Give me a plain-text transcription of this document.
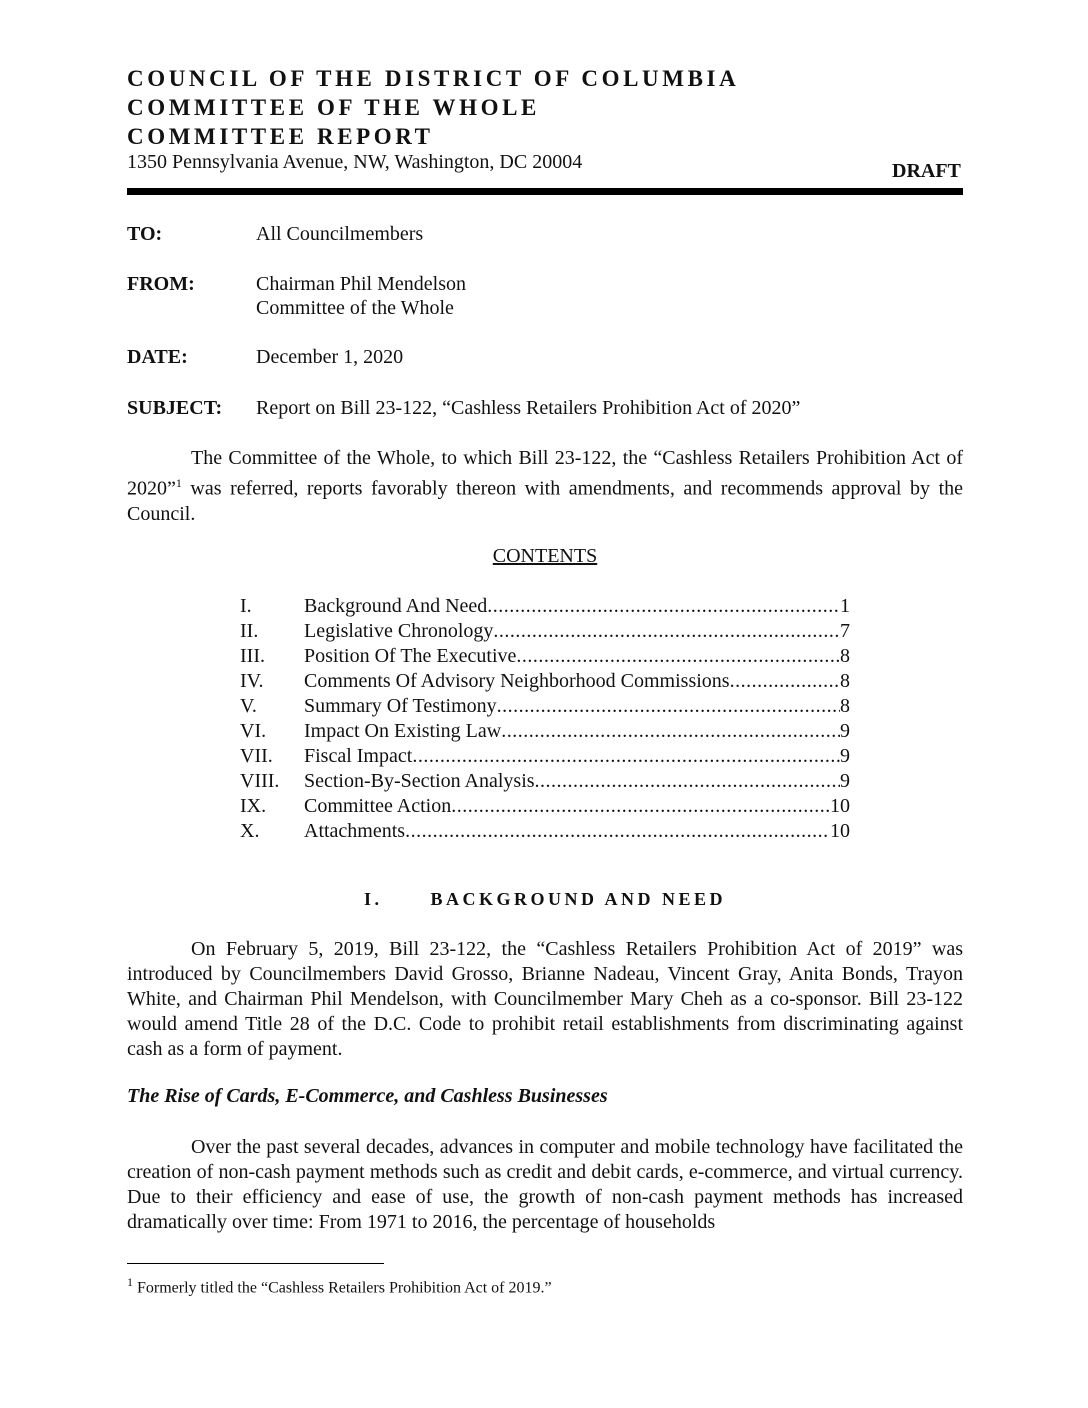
COUNCIL OF THE DISTRICT OF COLUMBIA
COMMITTEE OF THE WHOLE
COMMITTEE REPORT
1350 Pennsylvania Avenue, NW, Washington, DC 20004	DRAFT
TO:	All Councilmembers
FROM:	Chairman Phil Mendelson
Committee of the Whole
DATE:	December 1, 2020
SUBJECT: Report on Bill 23-122, “Cashless Retailers Prohibition Act of 2020”

The Committee of the Whole, to which Bill 23-122, the “Cashless Retailers Prohibition Act of 2020”$^1$ was referred, reports favorably thereon with amendments, and recommends approval by the Council.

CONTENTS
I.	Background And Need .....	1
II. Legislative Chronology .....	7
III. Position Of The Executive .....	8
IV. Comments Of Advisory Neighborhood Commissions .....	8
V. Summary Of Testimony .....	8
VI. Impact On Existing Law .....	9
VII. Fiscal Impact .....	9
VIII. Section-By-Section Analysis .....	9
IX. Committee Action .....	10
X. Attachments .....	10
I.      BACKGROUND AND NEED

On February 5, 2019, Bill 23-122, the “Cashless Retailers Prohibition Act of 2019” was introduced by Councilmembers David Grosso, Brianne Nadeau, Vincent Gray, Anita Bonds, Trayon White, and Chairman Phil Mendelson, with Councilmember Mary Cheh as a co-sponsor. Bill 23-122 would amend Title 28 of the D.C. Code to prohibit retail establishments from discriminating against cash as a form of payment.

The Rise of Cards, E-Commerce, and Cashless Businesses

Over the past several decades, advances in computer and mobile technology have facilitated the creation of non-cash payment methods such as credit and debit cards, e-commerce, and virtual currency. Due to their efficiency and ease of use, the growth of non-cash payment methods has increased dramatically over time: From 1971 to 2016, the percentage of households

$^1$ Formerly titled the “Cashless Retailers Prohibition Act of 2019.”
